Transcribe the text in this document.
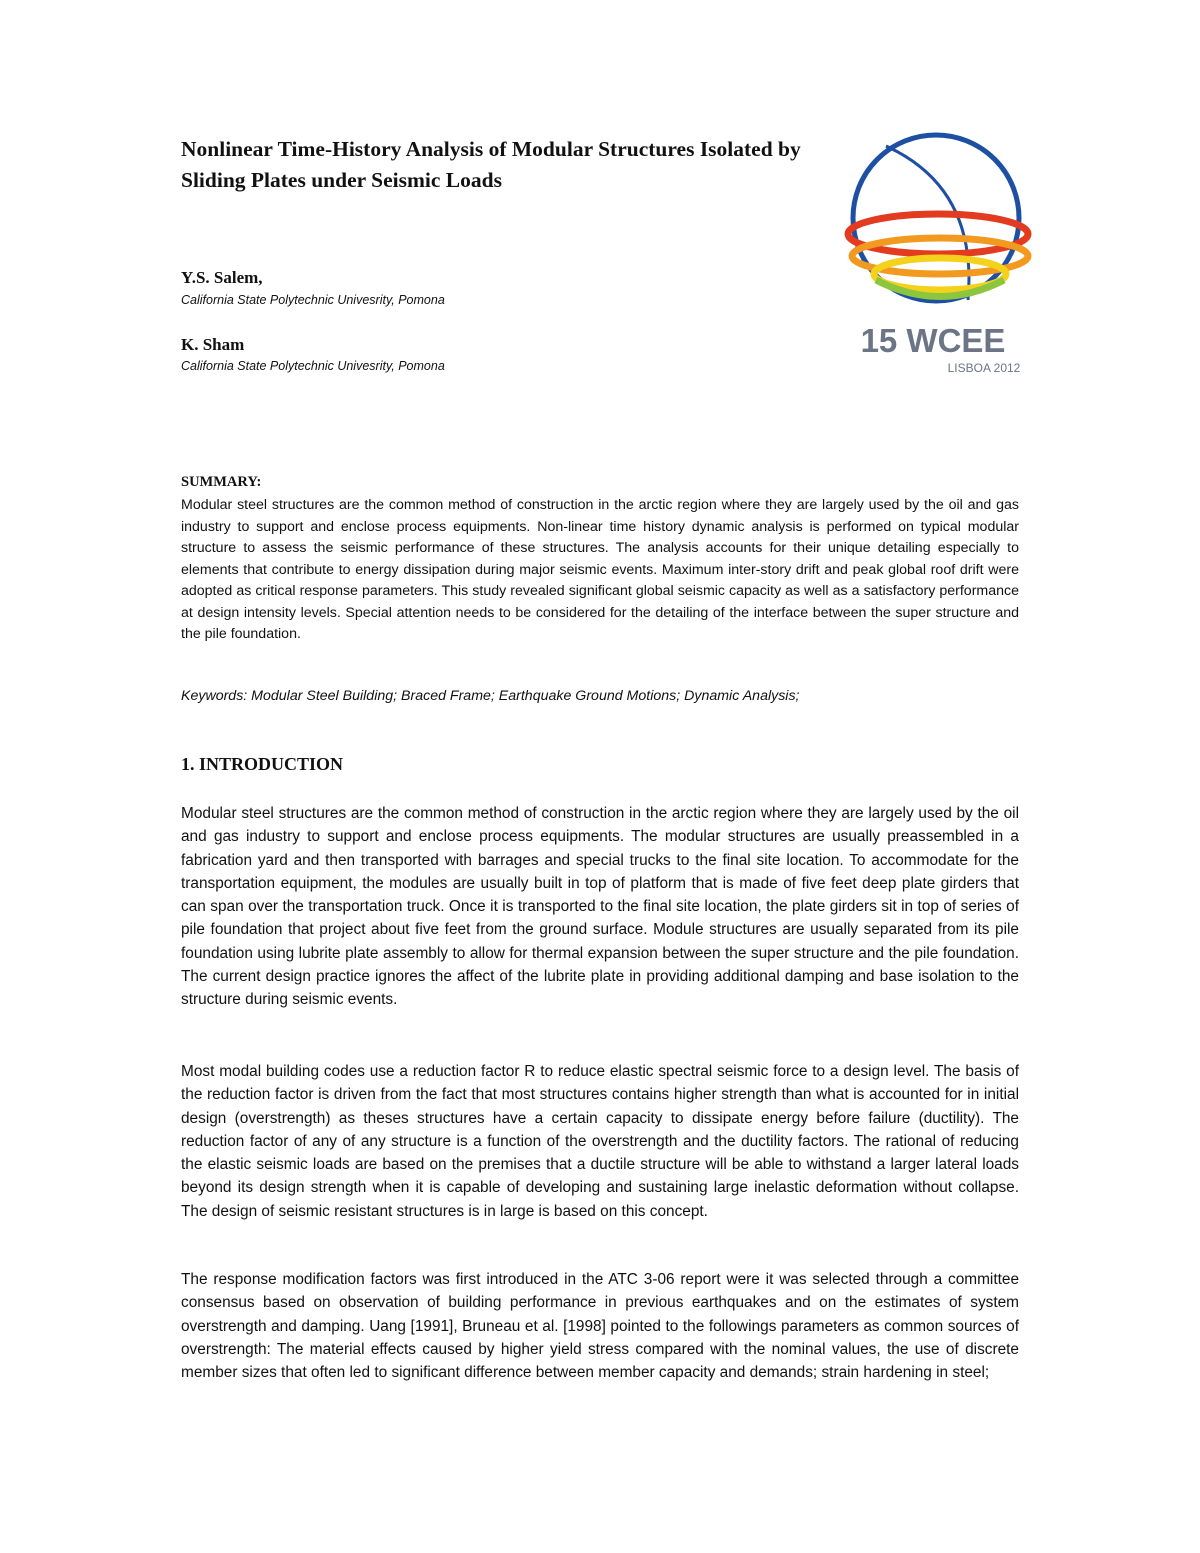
Nonlinear Time-History Analysis of Modular Structures Isolated by Sliding Plates under Seismic Loads
Y.S. Salem,
California State Polytechnic Univesrity, Pomona
K. Sham
California State Polytechnic Univesrity, Pomona
15 WCEE
LISBOA 2012
SUMMARY:

Modular steel structures are the common method of construction in the arctic region where they are largely used by the oil and gas industry to support and enclose process equipments. Non-linear time history dynamic analysis is performed on typical modular structure to assess the seismic performance of these structures. The analysis accounts for their unique detailing especially to elements that contribute to energy dissipation during major seismic events. Maximum inter-story drift and peak global roof drift were adopted as critical response parameters. This study revealed significant global seismic capacity as well as a satisfactory performance at design intensity levels. Special attention needs to be considered for the detailing of the interface between the super structure and the pile foundation.

Keywords: Modular Steel Building; Braced Frame; Earthquake Ground Motions; Dynamic Analysis;

1. INTRODUCTION

Modular steel structures are the common method of construction in the arctic region where they are largely used by the oil and gas industry to support and enclose process equipments. The modular structures are usually preassembled in a fabrication yard and then transported with barrages and special trucks to the final site location. To accommodate for the transportation equipment, the modules are usually built in top of platform that is made of five feet deep plate girders that can span over the transportation truck. Once it is transported to the final site location, the plate girders sit in top of series of pile foundation that project about five feet from the ground surface. Module structures are usually separated from its pile foundation using lubrite plate assembly to allow for thermal expansion between the super structure and the pile foundation. The current design practice ignores the affect of the lubrite plate in providing additional damping and base isolation to the structure during seismic events.

Most modal building codes use a reduction factor R to reduce elastic spectral seismic force to a design level. The basis of the reduction factor is driven from the fact that most structures contains higher strength than what is accounted for in initial design (overstrength) as theses structures have a certain capacity to dissipate energy before failure (ductility). The reduction factor of any of any structure is a function of the overstrength and the ductility factors. The rational of reducing the elastic seismic loads are based on the premises that a ductile structure will be able to withstand a larger lateral loads beyond its design strength when it is capable of developing and sustaining large inelastic deformation without collapse. The design of seismic resistant structures is in large is based on this concept.

The response modification factors was first introduced in the ATC 3-06 report were it was selected through a committee consensus based on observation of building performance in previous earthquakes and on the estimates of system overstrength and damping. Uang [1991], Bruneau et al. [1998] pointed to the followings parameters as common sources of overstrength: The material effects caused by higher yield stress compared with the nominal values, the use of discrete member sizes that often led to significant difference between member capacity and demands; strain hardening in steel;
